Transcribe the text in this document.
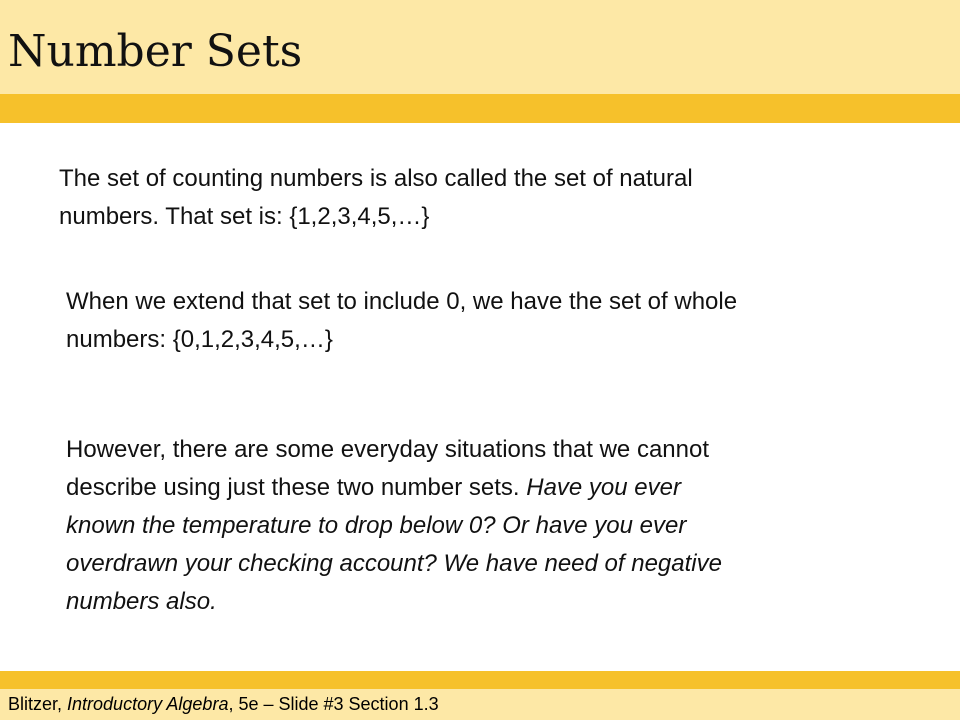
Number Sets

The set of counting numbers is also called the set of natural
numbers. That set is: {1,2,3,4,5,…}

When we extend that set to include 0, we have the set of whole
numbers: {0,1,2,3,4,5,…}

However, there are some everyday situations that we cannot
describe using just these two number sets. Have you ever
known the temperature to drop below 0? Or have you ever
overdrawn your checking account? We have need of negative
numbers also.

Blitzer, Introductory Algebra, 5e – Slide #3 Section 1.3
